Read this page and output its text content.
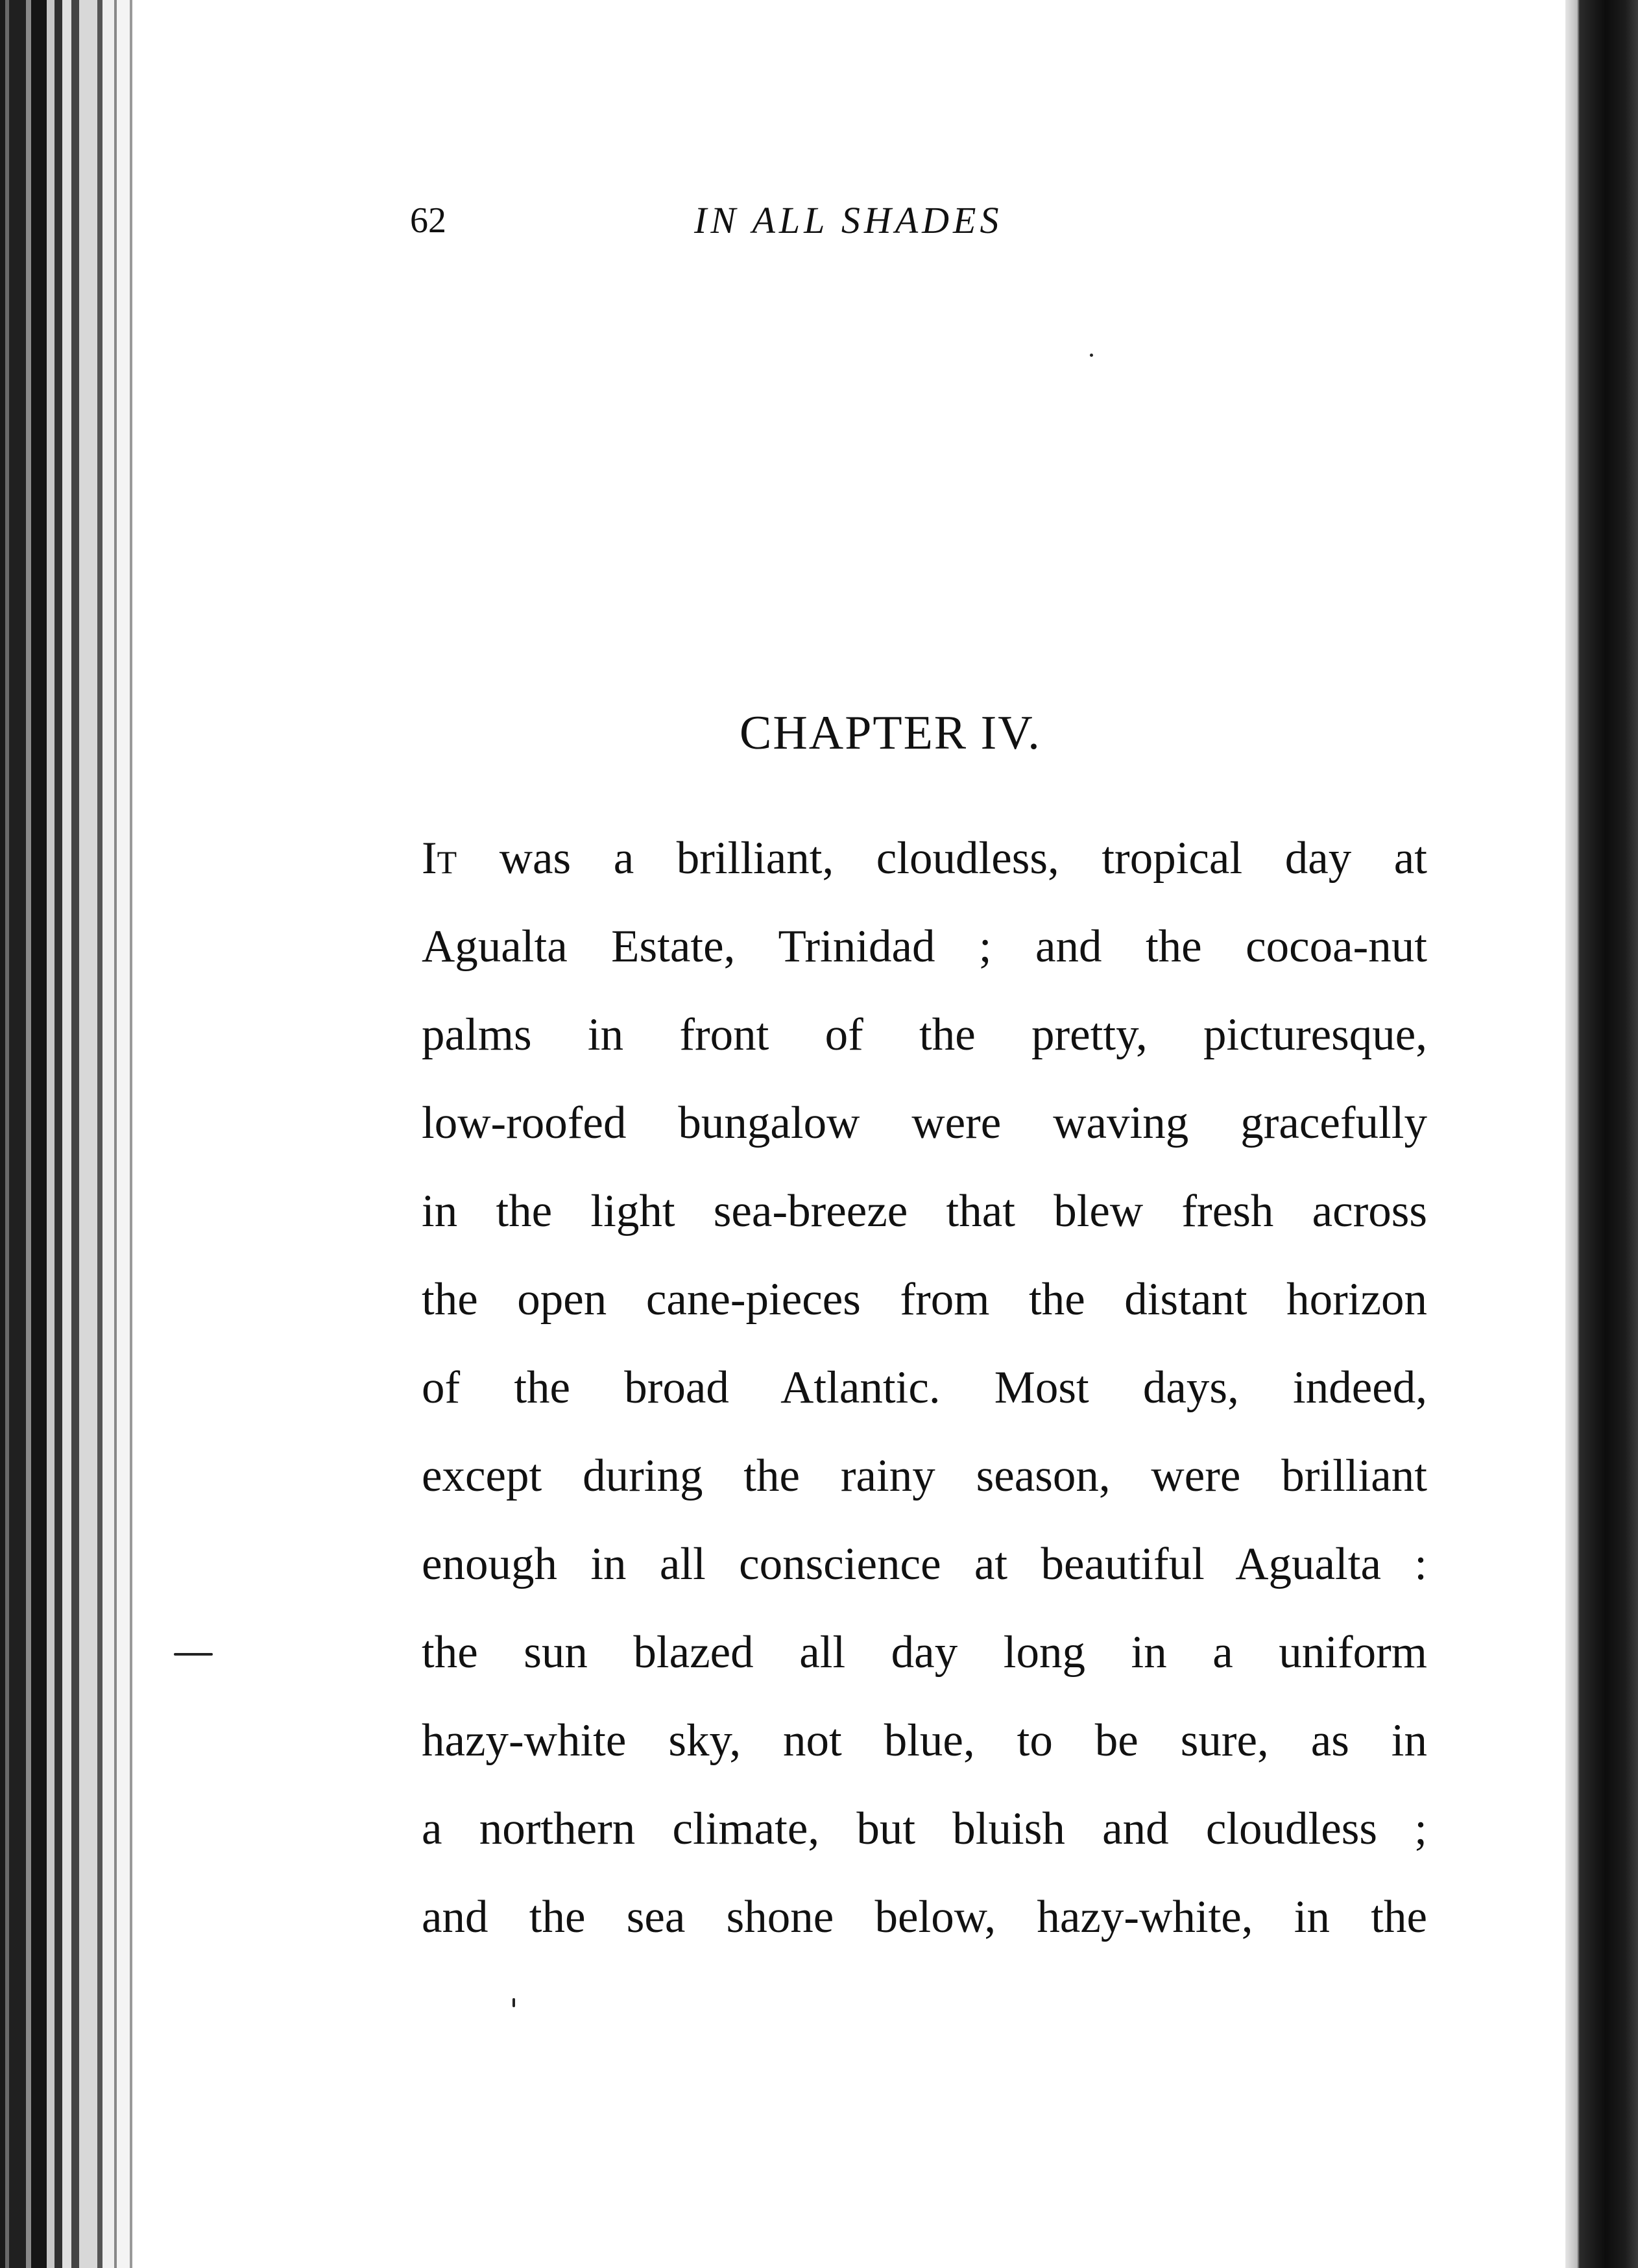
62	IN ALL SHADES
CHAPTER IV.
It was a brilliant, cloudless, tropical day at
Agualta Estate, Trinidad ; and the cocoa-nut
palms in front of the pretty, picturesque,
low-roofed bungalow were waving gracefully
in the light sea-breeze that blew fresh across
the open cane-pieces from the distant horizon
of the broad Atlantic. Most days, indeed,
except during the rainy season, were brilliant
enough in all conscience at beautiful Agualta :
the sun blazed all day long in a uniform
hazy-white sky, not blue, to be sure, as in
a northern climate, but bluish and cloudless ;
and the sea shone below, hazy-white, in the
